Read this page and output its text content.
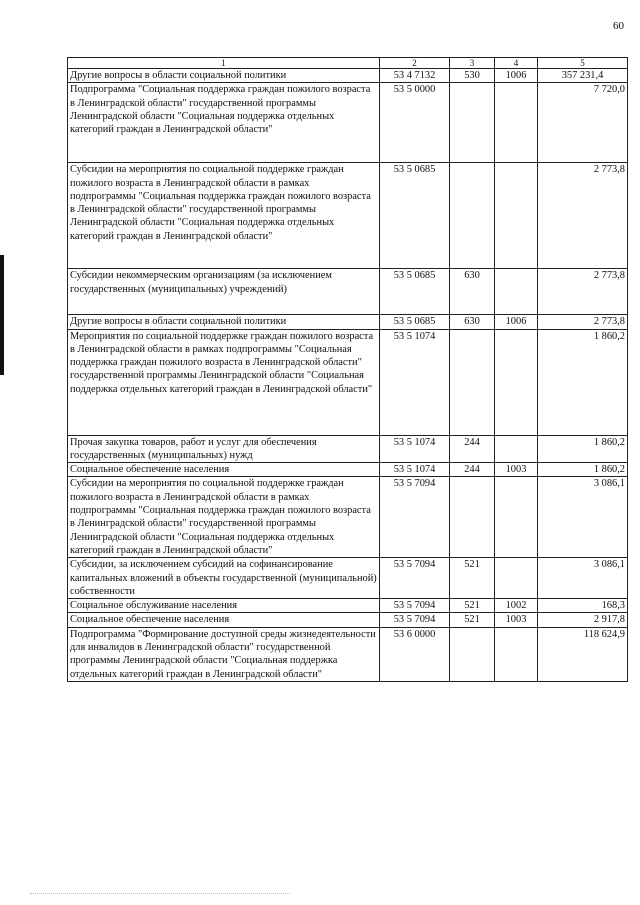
60
1	2	3	4	5
Другие вопросы в области социальной политики	53 4 7132	530	1006	357 231,4
Подпрограмма "Социальная поддержка граждан пожилого возраста в Ленинградской области" государственной программы Ленинградской области "Социальная поддержка отдельных категорий граждан в Ленинградской области"	53 5 0000			7 720,0
Субсидии на мероприятия по социальной поддержке граждан пожилого возраста в Ленинградской области в рамках подпрограммы "Социальная поддержка граждан пожилого возраста в Ленинградской области" государственной программы Ленинградской области "Социальная поддержка отдельных категорий граждан в Ленинградской области"	53 5 0685			2 773,8
Субсидии некоммерческим организациям (за исключением государственных (муниципальных) учреждений)	53 5 0685	630		2 773,8
Другие вопросы в области социальной политики	53 5 0685	630	1006	2 773,8
Мероприятия по социальной поддержке граждан пожилого возраста в Ленинградской области в рамках подпрограммы "Социальная поддержка граждан пожилого возраста в Ленинградской области" государственной программы Ленинградской области "Социальная поддержка отдельных категорий граждан в Ленинградской области"	53 5 1074			1 860,2
Прочая закупка товаров, работ и услуг для обеспечения государственных (муниципальных) нужд	53 5 1074	244		1 860,2
Социальное обеспечение населения	53 5 1074	244	1003	1 860,2
Субсидии на мероприятия по социальной поддержке граждан пожилого возраста в Ленинградской области в рамках подпрограммы "Социальная поддержка граждан пожилого возраста в Ленинградской области" государственной программы Ленинградской области "Социальная поддержка отдельных категорий граждан в Ленинградской области"	53 5 7094			3 086,1
Субсидии, за исключением субсидий на софинансирование капитальных вложений в объекты государственной (муниципальной) собственности	53 5 7094	521		3 086,1
Социальное обслуживание населения	53 5 7094	521	1002	168,3
Социальное обеспечение населения	53 5 7094	521	1003	2 917,8
Подпрограмма "Формирование доступной среды жизнедеятельности для инвалидов в Ленинградской области" государственной программы Ленинградской области "Социальная поддержка отдельных категорий граждан в Ленинградской области"	53 6 0000			118 624,9
